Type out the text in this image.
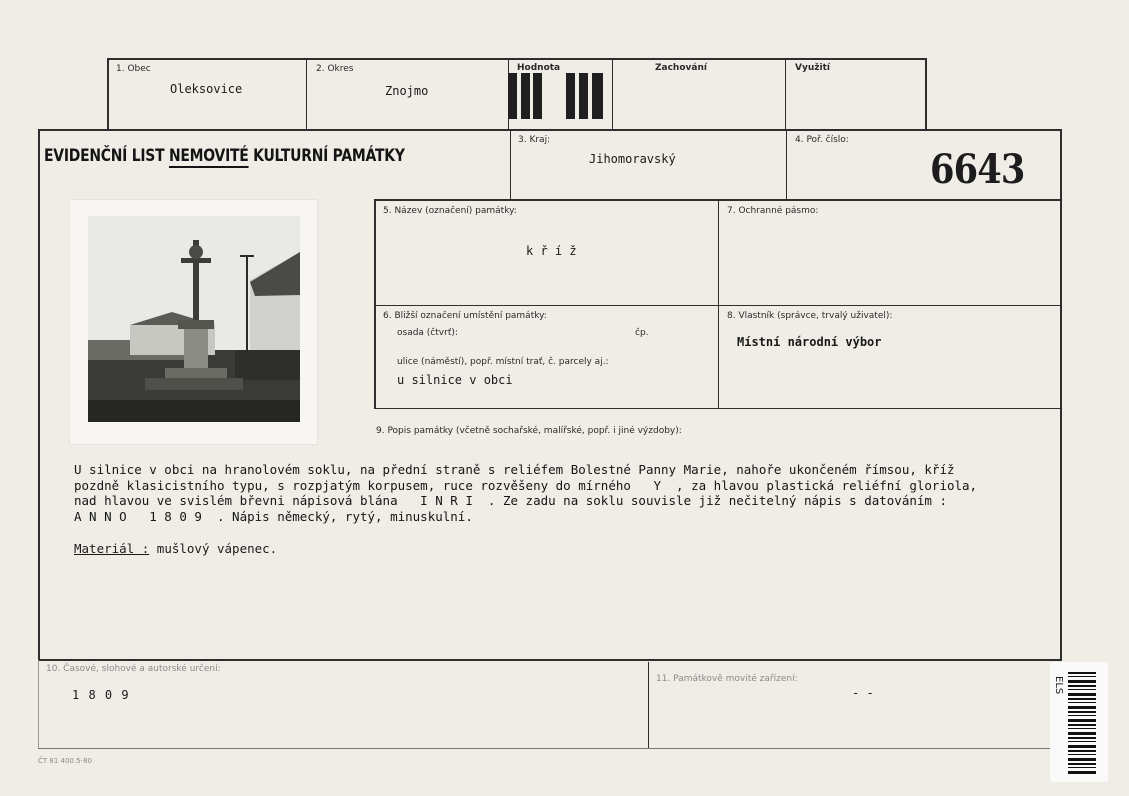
1. Obec
Oleksovice
2. Okres
Znojmo
Hodnota	Zachování	Využití
EVIDENČNÍ LIST NEMOVITÉ KULTURNÍ PAMÁTKY
3. Kraj:
Jihomoravský
4. Poř. číslo:
6643
5. Název (označení) památky:
k ř í ž
7. Ochranné pásmo:
6. Bližší označení umístění památky:
osada (čtvrť):	čp.
ulice (náměstí), popř. místní trať, č. parcely aj.:
u silnice v obci
8. Vlastník (správce, trvalý uživatel):
Místní národní výbor
9. Popis památky (včetně sochařské, malířské, popř. i jiné výzdoby):
U silnice v obci na hranolovém soklu, na přední straně s reliéfem Bolestné Panny Marie, nahoře ukončeném římsou, kříž
pozdně klasicistního typu, s rozpjatým korpusem, ruce rozvěšeny do mírného   Y  , za hlavou plastická reliéfní gloriola,
nad hlavou ve svislém břevni nápisová blána   I N R I  . Ze zadu na soklu souvisle již nečitelný nápis s datováním :
A N N O   1 8 0 9  . Nápis německý, rytý, minuskulní.
Materiál : mušlový vápenec.
10. Časové, slohové a autorské určení:
1 8 0 9
11. Památkově movité zařízení:
- -
ČT 81 400.5-80
ELS
